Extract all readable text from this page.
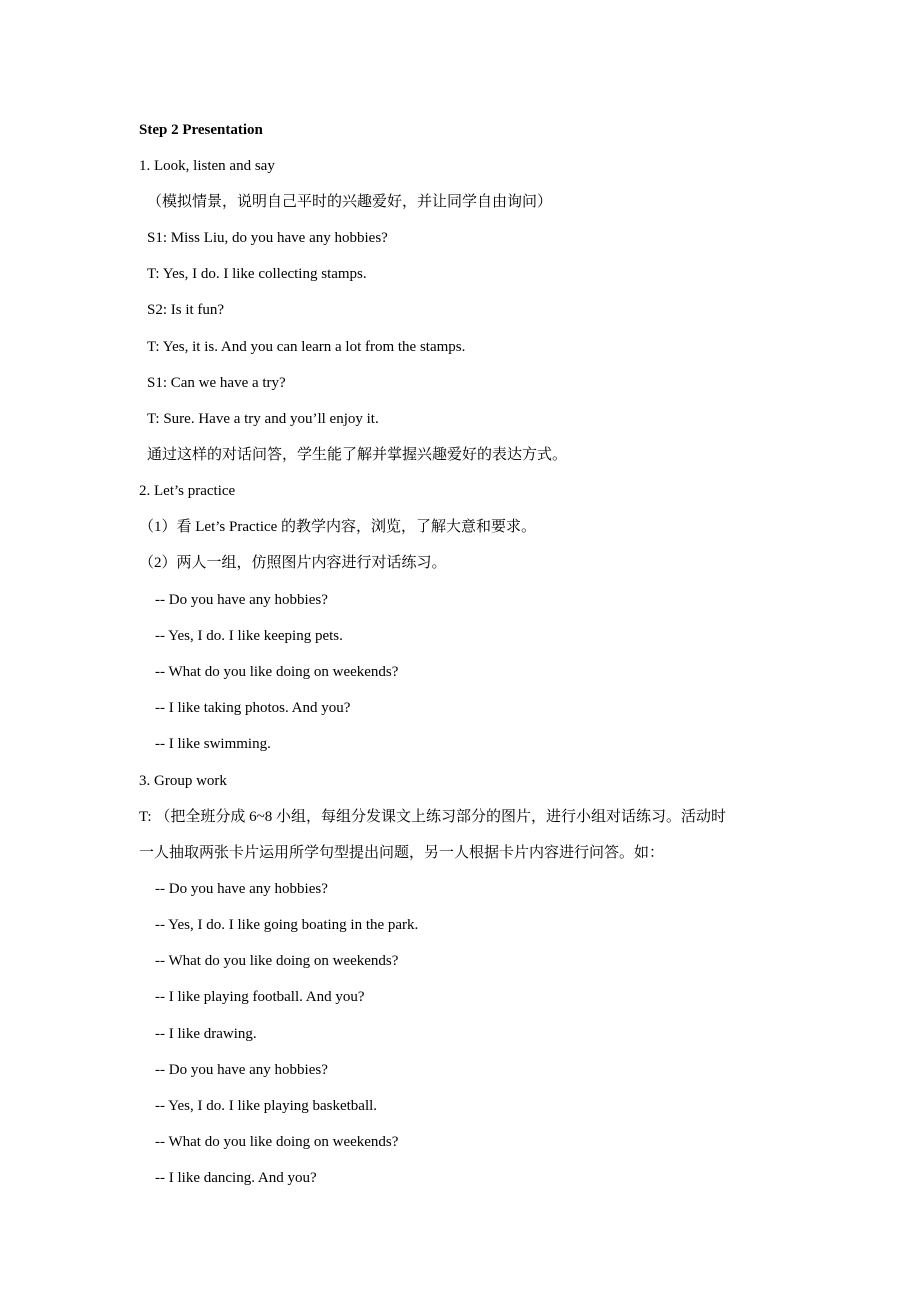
Step 2 Presentation
1. Look, listen and say
（模拟情景，说明自己平时的兴趣爱好，并让同学自由询问）
S1: Miss Liu, do you have any hobbies?
T: Yes, I do. I like collecting stamps.
S2: Is it fun?
T: Yes, it is. And you can learn a lot from the stamps.
S1: Can we have a try?
T: Sure. Have a try and you’ll enjoy it.
通过这样的对话问答，学生能了解并掌握兴趣爱好的表达方式。
2. Let’s practice
（1）看 Let’s Practice 的教学内容，浏览，了解大意和要求。
（2）两人一组，仿照图片内容进行对话练习。
-- Do you have any hobbies?
-- Yes, I do. I like keeping pets.
-- What do you like doing on weekends?
-- I like taking photos. And you?
-- I like swimming.
3. Group work
T: （把全班分成 6~8 小组，每组分发课文上练习部分的图片，进行小组对话练习。活动时
一人抽取两张卡片运用所学句型提出问题，另一人根据卡片内容进行问答。如：
-- Do you have any hobbies?
-- Yes, I do. I like going boating in the park.
-- What do you like doing on weekends?
-- I like playing football. And you?
-- I like drawing.
-- Do you have any hobbies?
-- Yes, I do. I like playing basketball.
-- What do you like doing on weekends?
-- I like dancing. And you?
